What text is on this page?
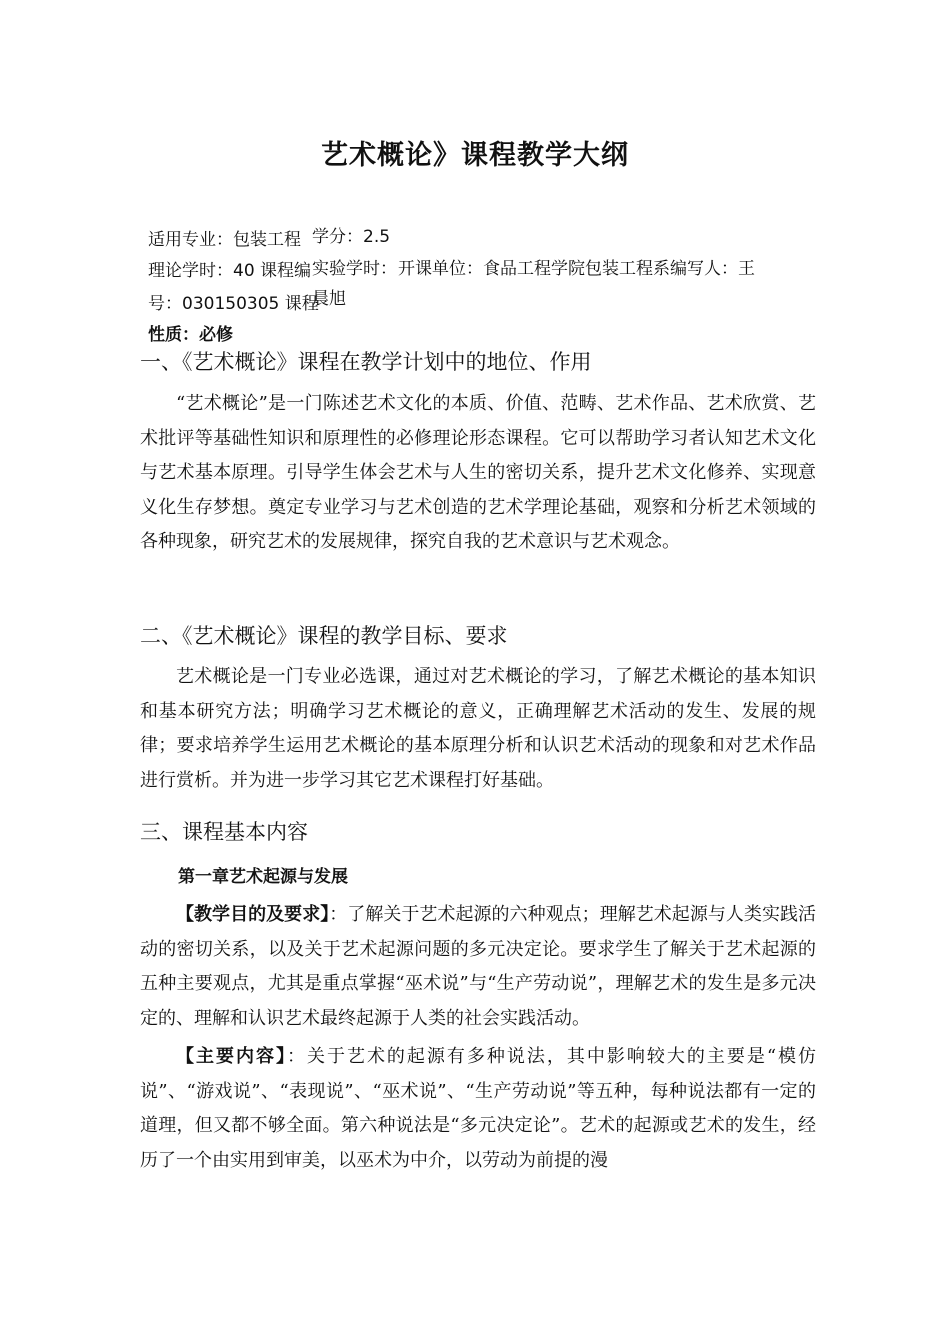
艺术概论》课程教学大纲
适用专业：包装工程 学分：2.5
理论学时：40 课程编 实验学时： 开课单位：食品工程学院包装工程系编写人：王
号：030150305 课程
晨旭
性质：必修
一、《艺术概论》课程在教学计划中的地位、作用

“艺术概论”是一门陈述艺术文化的本质、价值、范畴、艺术作品、艺术欣赏、艺术批评等基础性知识和原理性的必修理论形态课程。它可以帮助学习者认知艺术文化与艺术基本原理。引导学生体会艺术与人生的密切关系，提升艺术文化修养、实现意义化生存梦想。奠定专业学习与艺术创造的艺术学理论基础，观察和分析艺术领域的各种现象，研究艺术的发展规律，探究自我的艺术意识与艺术观念。

二、《艺术概论》课程的教学目标、要求

艺术概论是一门专业必选课，通过对艺术概论的学习，了解艺术概论的基本知识和基本研究方法；明确学习艺术概论的意义，正确理解艺术活动的发生、发展的规律；要求培养学生运用艺术概论的基本原理分析和认识艺术活动的现象和对艺术作品进行赏析。并为进一步学习其它艺术课程打好基础。

三、课程基本内容
第一章艺术起源与发展

【教学目的及要求】：了解关于艺术起源的六种观点；理解艺术起源与人类实践活动的密切关系，以及关于艺术起源问题的多元决定论。要求学生了解关于艺术起源的五种主要观点，尤其是重点掌握“巫术说”与“生产劳动说”，理解艺术的发生是多元决定的、理解和认识艺术最终起源于人类的社会实践活动。

【主要内容】：关于艺术的起源有多种说法，其中影响较大的主要是“模仿说”、“游戏说”、“表现说”、“巫术说”、“生产劳动说”等五种，每种说法都有一定的道理，但又都不够全面。第六种说法是“多元决定论”。艺术的起源或艺术的发生，经历了一个由实用到审美，以巫术为中介，以劳动为前提的漫
